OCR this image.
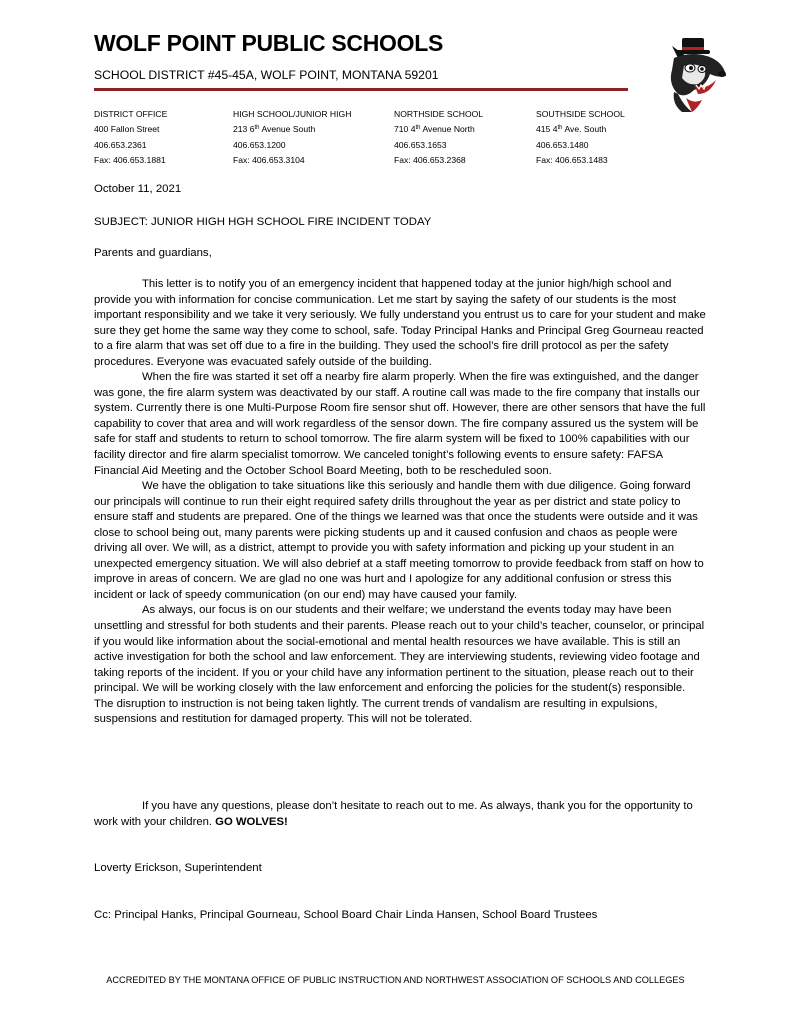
WOLF POINT PUBLIC SCHOOLS
SCHOOL DISTRICT #45-45A, WOLF POINT, MONTANA 59201
DISTRICT OFFICE
400 Fallon Street
406.653.2361
Fax: 406.653.1881
HIGH SCHOOL/JUNIOR HIGH
213 6th Avenue South
406.653.1200
Fax: 406.653.3104
NORTHSIDE SCHOOL
710 4th Avenue North
406.653.1653
Fax: 406.653.2368
SOUTHSIDE SCHOOL
415 4th Ave. South
406.653.1480
Fax: 406.653.1483
October 11, 2021
SUBJECT: JUNIOR HIGH HGH SCHOOL FIRE INCIDENT TODAY
Parents and guardians,

This letter is to notify you of an emergency incident that happened today at the junior high/high school and provide you with information for concise communication. Let me start by saying the safety of our students is the most important responsibility and we take it very seriously. We fully understand you entrust us to care for your student and make sure they get home the same way they come to school, safe. Today Principal Hanks and Principal Greg Gourneau reacted to a fire alarm that was set off due to a fire in the building. They used the school’s fire drill protocol as per the safety procedures. Everyone was evacuated safely outside of the building.

When the fire was started it set off a nearby fire alarm properly. When the fire was extinguished, and the danger was gone, the fire alarm system was deactivated by our staff. A routine call was made to the fire company that installs our system. Currently there is one Multi-Purpose Room fire sensor shut off. However, there are other sensors that have the full capability to cover that area and will work regardless of the sensor down. The fire company assured us the system will be safe for staff and students to return to school tomorrow. The fire alarm system will be fixed to 100% capabilities with our facility director and fire alarm specialist tomorrow. We canceled tonight’s following events to ensure safety: FAFSA Financial Aid Meeting and the October School Board Meeting, both to be rescheduled soon.

We have the obligation to take situations like this seriously and handle them with due diligence. Going forward our principals will continue to run their eight required safety drills throughout the year as per district and state policy to ensure staff and students are prepared. One of the things we learned was that once the students were outside and it was close to school being out, many parents were picking students up and it caused confusion and chaos as people were driving all over. We will, as a district, attempt to provide you with safety information and picking up your student in an unexpected emergency situation. We will also debrief at a staff meeting tomorrow to provide feedback from staff on how to improve in areas of concern. We are glad no one was hurt and I apologize for any additional confusion or stress this incident or lack of speedy communication (on our end) may have caused your family.

As always, our focus is on our students and their welfare; we understand the events today may have been unsettling and stressful for both students and their parents. Please reach out to your child’s teacher, counselor, or principal if you would like information about the social-emotional and mental health resources we have available. This is still an active investigation for both the school and law enforcement. They are interviewing students, reviewing video footage and taking reports of the incident. If you or your child have any information pertinent to the situation, please reach out to their principal. We will be working closely with the law enforcement and enforcing the policies for the student(s) responsible. The disruption to instruction is not being taken lightly. The current trends of vandalism are resulting in expulsions, suspensions and restitution for damaged property. This will not be tolerated.

If you have any questions, please don’t hesitate to reach out to me. As always, thank you for the opportunity to work with your children. GO WOLVES!

Loverty Erickson, Superintendent
Cc: Principal Hanks, Principal Gourneau, School Board Chair Linda Hansen, School Board Trustees
ACCREDITED BY THE MONTANA OFFICE OF PUBLIC INSTRUCTION AND NORTHWEST ASSOCIATION OF SCHOOLS AND COLLEGES
